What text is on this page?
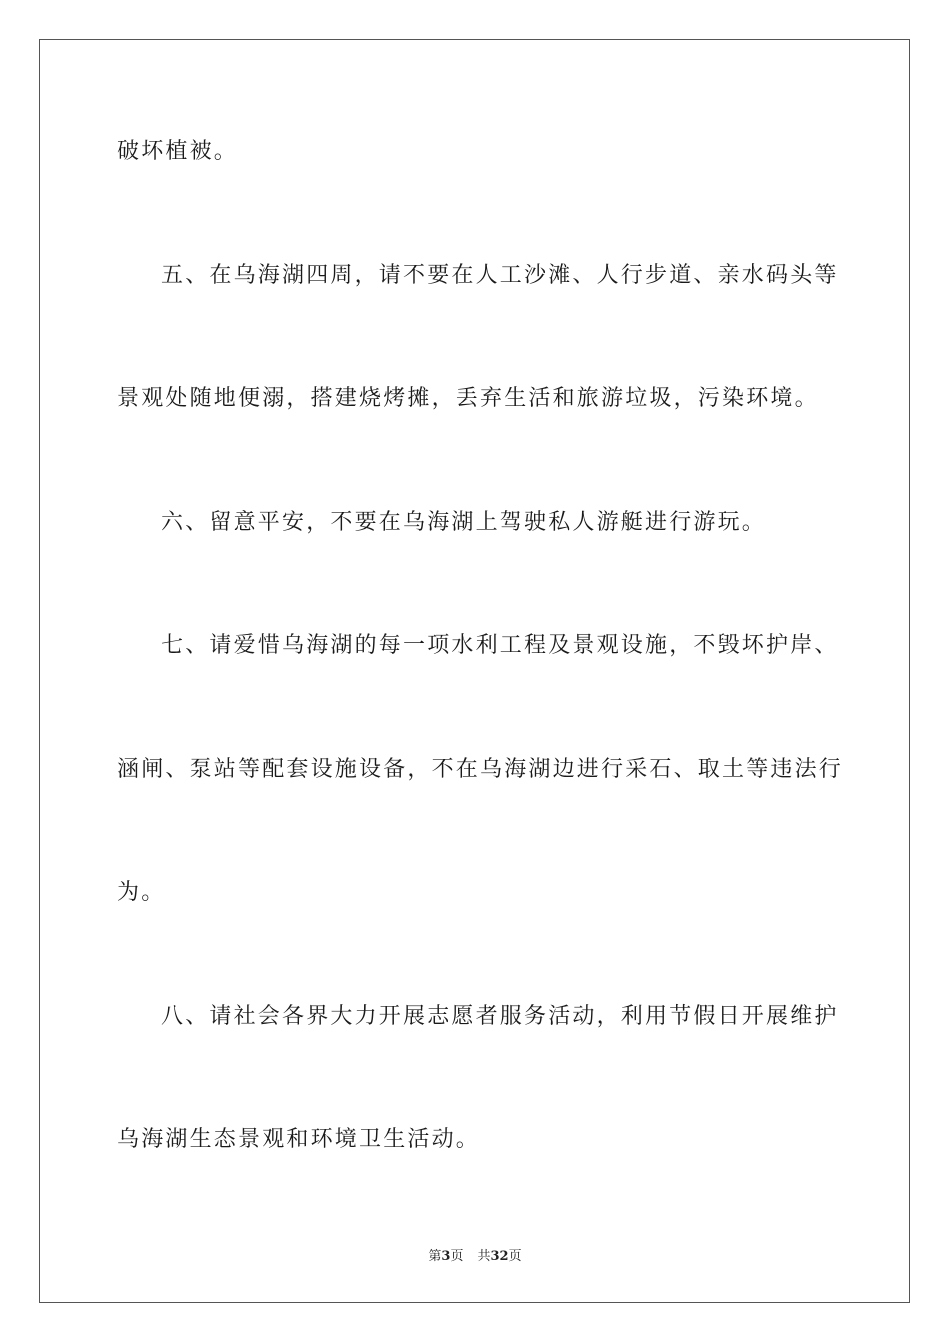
破坏植被。
五、在乌海湖四周，请不要在人工沙滩、人行步道、亲水码头等
景观处随地便溺，搭建烧烤摊，丢弃生活和旅游垃圾，污染环境。
六、留意平安，不要在乌海湖上驾驶私人游艇进行游玩。
七、请爱惜乌海湖的每一项水利工程及景观设施，不毁坏护岸、
涵闸、泵站等配套设施设备，不在乌海湖边进行采石、取土等违法行
为。
八、请社会各界大力开展志愿者服务活动，利用节假日开展维护
乌海湖生态景观和环境卫生活动。
第3页 共32页
